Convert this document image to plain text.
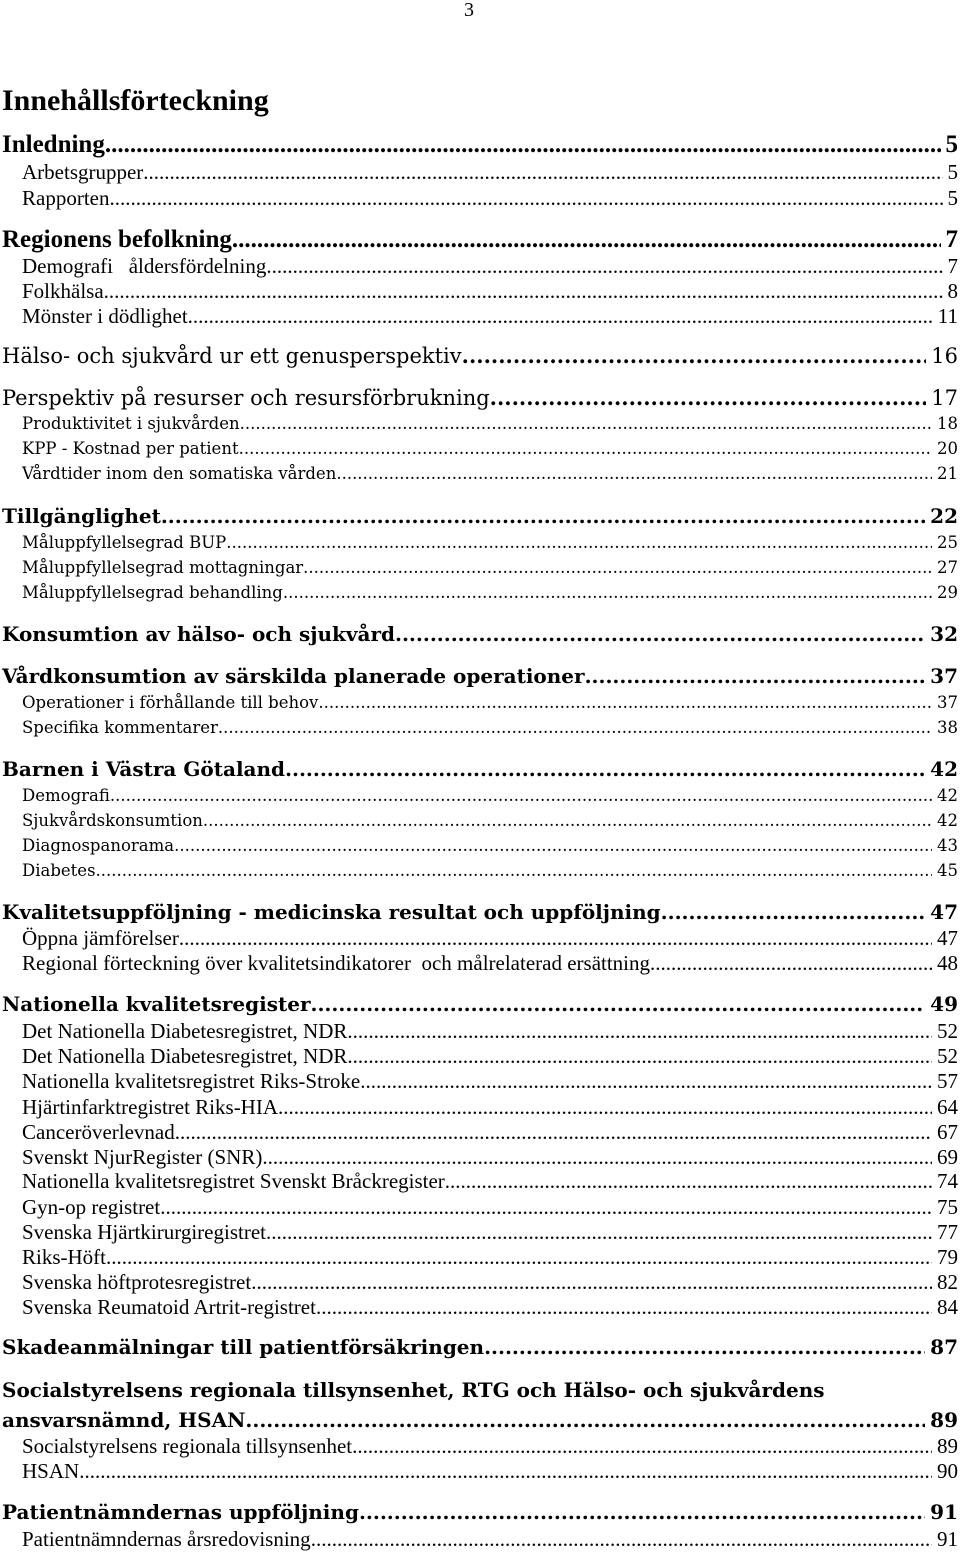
3
Innehållsförteckning
Inledning .....	5
Arbetsgrupper .....	5
Rapporten .....	5
Regionens befolkning .....	7
Demografi   åldersfördelning .....	7
Folkhälsa .....	8
Mönster i dödlighet .....	11
Hälso- och sjukvård ur ett genusperspektiv .....	16
Perspektiv på resurser och resursförbrukning .....	17
Produktivitet i sjukvården .....	18
KPP - Kostnad per patient .....	20
Vårdtider inom den somatiska vården .....	21
Tillgänglighet .....	22
Måluppfyllelsegrad BUP .....	25
Måluppfyllelsegrad mottagningar .....	27
Måluppfyllelsegrad behandling .....	29
Konsumtion av hälso- och sjukvård .....	32
Vårdkonsumtion av särskilda planerade operationer .....	37
Operationer i förhållande till behov .....	37
Specifika kommentarer .....	38
Barnen i Västra Götaland .....	42
Demografi .....	42
Sjukvårdskonsumtion .....	42
Diagnospanorama .....	43
Diabetes .....	45
Kvalitetsuppföljning - medicinska resultat och uppföljning .....	47
Öppna jämförelser .....	47
Regional förteckning över kvalitetsindikatorer  och målrelaterad ersättning .....	48
Nationella kvalitetsregister .....	49
Det Nationella Diabetesregistret, NDR. .....	52
Det Nationella Diabetesregistret, NDR. .....	52
Nationella kvalitetsregistret Riks-Stroke .....	57
Hjärtinfarktregistret Riks-HIA .....	64
Canceröverlevnad .....	67
Svenskt NjurRegister (SNR) .....	69
Nationella kvalitetsregistret Svenskt Bråckregister .....	74
Gyn-op registret .....	75
Svenska Hjärtkirurgiregistret .....	77
Riks-Höft .....	79
Svenska höftprotesregistret .....	82
Svenska Reumatoid Artrit-registret .....	84
Skadeanmälningar till patientförsäkringen .....	87
Socialstyrelsens regionala tillsynsenhet, RTG och Hälso- och sjukvårdens
ansvarsnämnd, HSAN .....	89
Socialstyrelsens regionala tillsynsenhet .....	89
HSAN .....	90
Patientnämndernas uppföljning .....	91
Patientnämndernas årsredovisning .....	91
